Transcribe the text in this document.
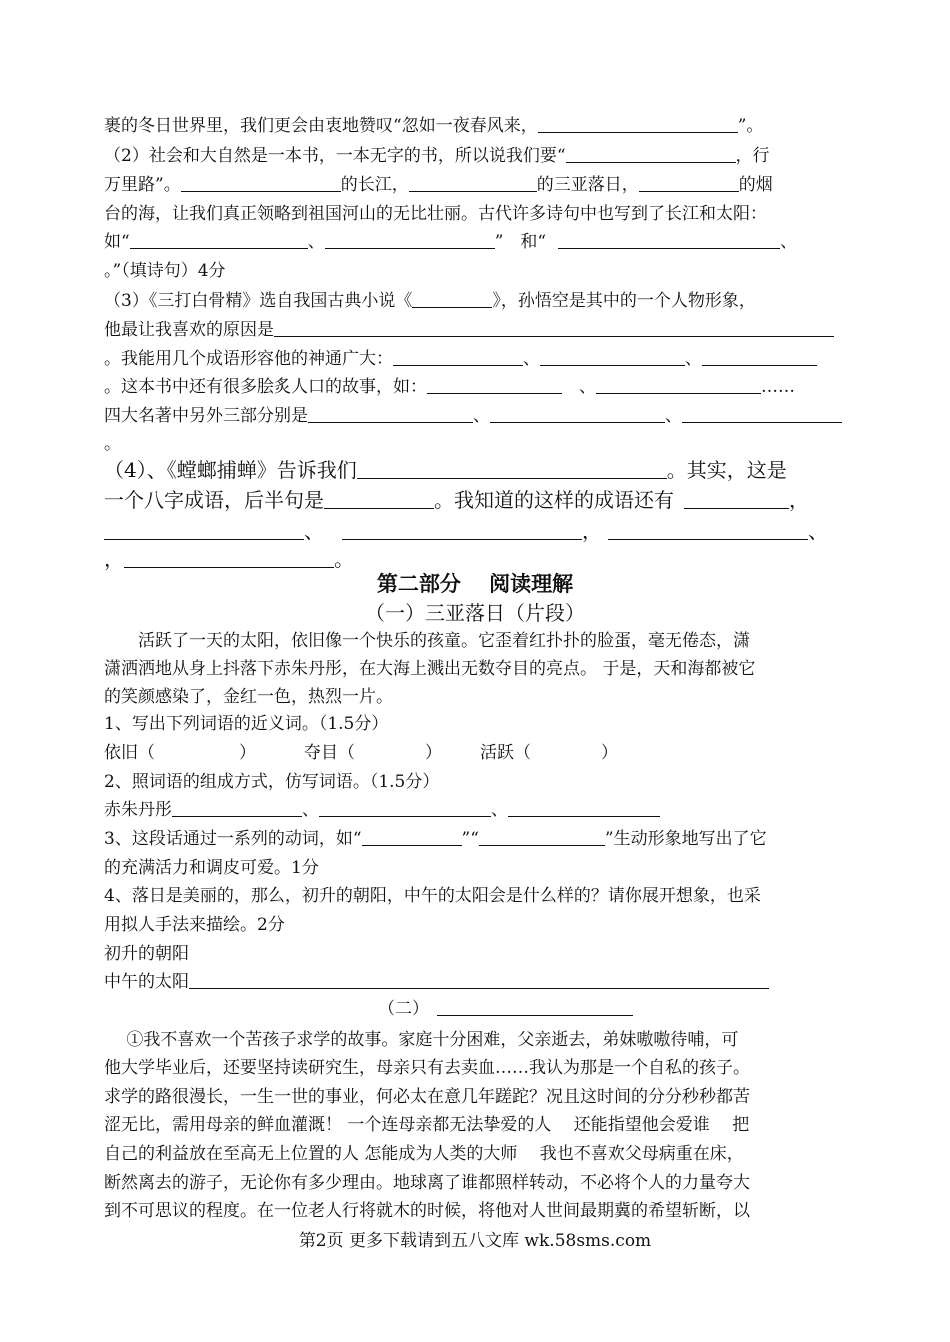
裹的冬日世界里，我们更会由衷地赞叹“忽如一夜春风来，	”。
（2）社会和大自然是一本书，一本无字的书，所以说我们要“	，行
万里路”。	的长江，	的三亚落日，	的烟
台的海，让我们真正领略到祖国河山的无比壮丽。古代许多诗句中也写到了长江和太阳：
如“	、	”　和“	、
。”（填诗句）4分
（3）《三打白骨精》选自我国古典小说《	》，孙悟空是其中的一个人物形象，
他最让我喜欢的原因是
。我能用几个成语形容他的神通广大：	、	、
。这本书中还有很多脍炙人口的故事，如：	　、	……
四大名著中另外三部分别是	、	、
。
（4）、《螳螂捕蝉》告诉我们	。其实，这是
一个八字成语，后半句是	。我知道的这样的成语还有	，
、	，	、
，	。
第二部分　 阅读理解
（一）三亚落日（片段）
　　活跃了一天的太阳，依旧像一个快乐的孩童。它歪着红扑扑的脸蛋，毫无倦态，潇
潇洒洒地从身上抖落下赤朱丹彤，在大海上溅出无数夺目的亮点。 于是，天和海都被它
的笑颜感染了，金红一色，热烈一片。
1、写出下列词语的近义词。（1.5分）
依旧（	）	夺目（	） 活跃（	）
2、照词语的组成方式，仿写词语。（1.5分）
赤朱丹彤	、	、
3、这段话通过一系列的动词，如“	”“	”生动形象地写出了它
的充满活力和调皮可爱。1分
4、落日是美丽的，那么，初升的朝阳，中午的太阳会是什么样的？请你展开想象，也采
用拟人手法来描绘。2分
初升的朝阳
中午的太阳
（二）
　 ①我不喜欢一个苦孩子求学的故事。家庭十分困难，父亲逝去，弟妹嗷嗷待哺，可
他大学毕业后，还要坚持读研究生，母亲只有去卖血……我认为那是一个自私的孩子。
求学的路很漫长，一生一世的事业，何必太在意几年蹉跎？况且这时间的分分秒秒都苦
涩无比，需用母亲的鲜血灌溉！ 一个连母亲都无法挚爱的人　 还能指望他会爱谁　 把
自己的利益放在至高无上位置的人 怎能成为人类的大师　 我也不喜欢父母病重在床，
断然离去的游子，无论你有多少理由。地球离了谁都照样转动，不必将个人的力量夸大
到不可思议的程度。在一位老人行将就木的时候，将他对人世间最期冀的希望斩断，以
第2页 更多下载请到五八文库 wk.58sms.com
